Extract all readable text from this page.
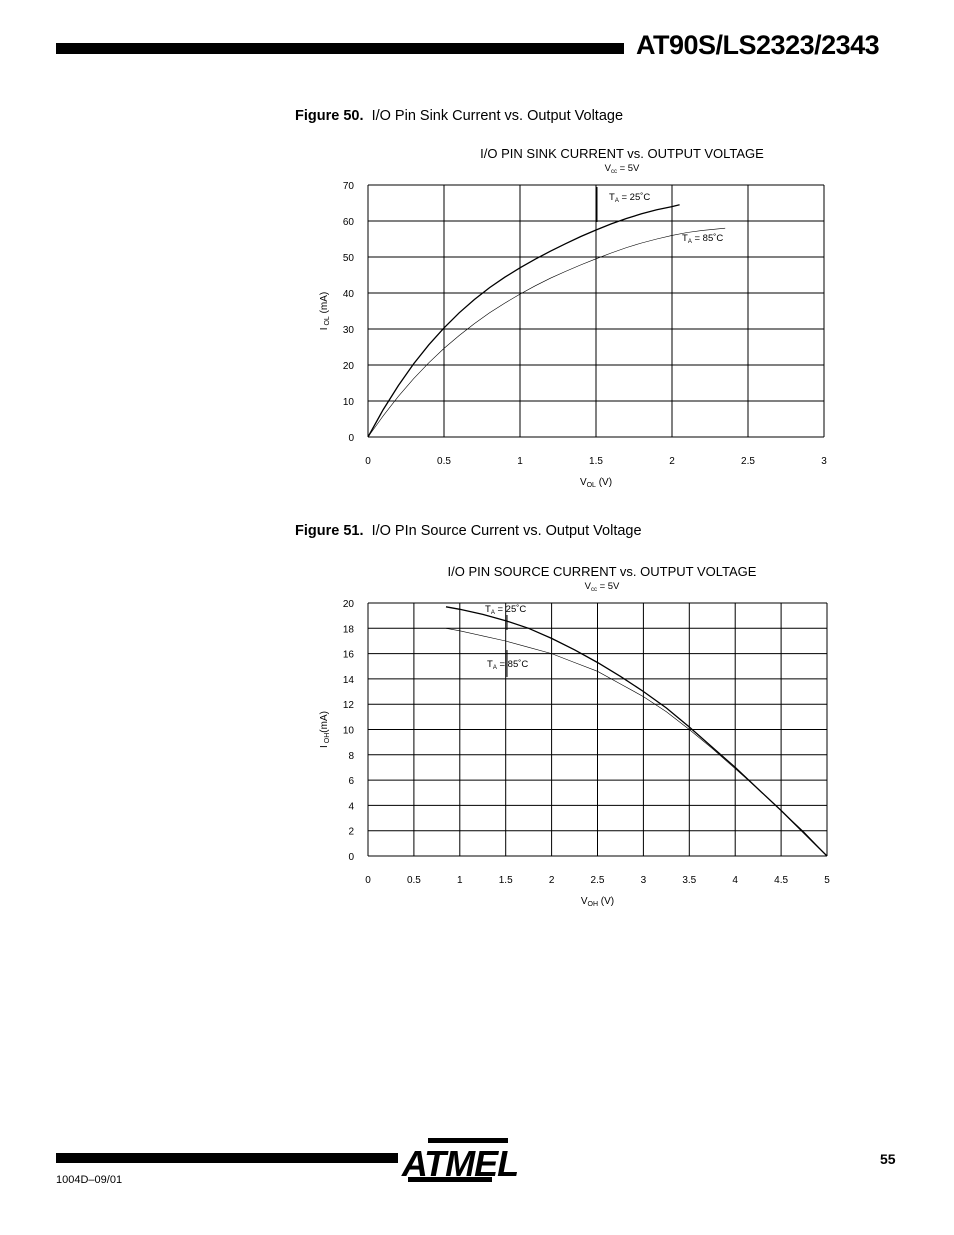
AT90S/LS2323/2343
Figure 50. I/O Pin Sink Current vs. Output Voltage
I/O PIN SINK CURRENT vs. OUTPUT VOLTAGE
$V_{cc} = 5V$
0	0.5	1	1.5	2	2.5	3
0
10
20
30
40
50
60
70
$V_{OL}$ (V)
I $_{OL}$ (mA)
$T_A$ = 25˚C
$T_A$ = 85˚C
Figure 51. I/O PIn Source Current vs. Output Voltage
I/O PIN SOURCE CURRENT vs. OUTPUT VOLTAGE
$V_{cc} = 5V$
0	0.5	1	1.5	2	2.5	3	3.5	4	4.5	5
0
2
4
6
8
10
12
14
16
18
20
$V_{OH}$ (V)
I $_{OH}$(mA)
$T_A$ = 25˚C
$T_A$ = 85˚C
ATMEL	55
1004D–09/01
